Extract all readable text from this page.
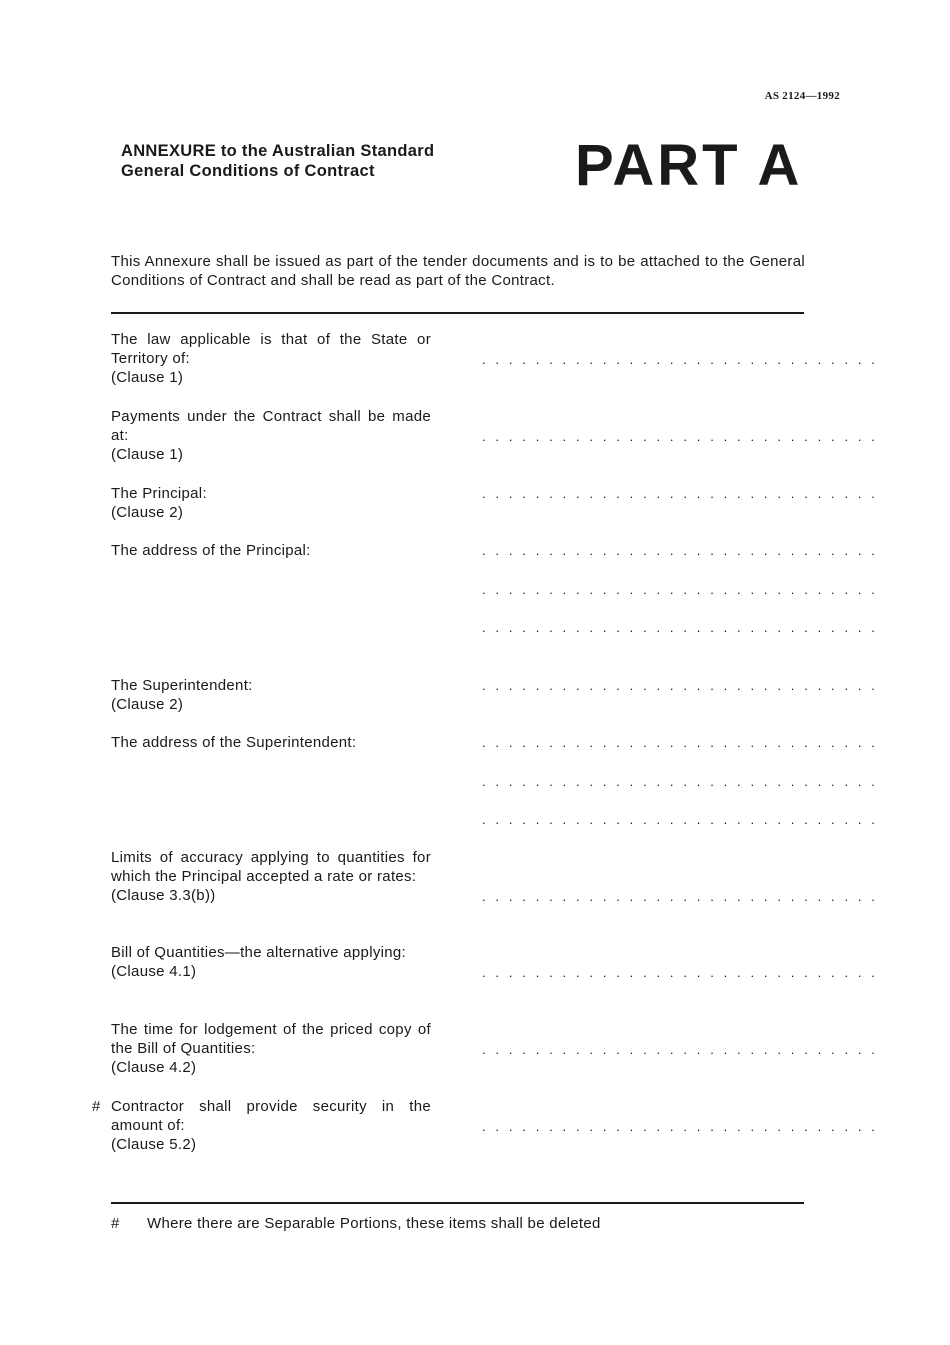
AS 2124—1992
ANNEXURE to the Australian Standard
General Conditions of Contract	PART A
This Annexure shall be issued as part of the tender documents and is to be attached to the General Conditions of Contract and shall be read as part of the Contract.
The law applicable is that of the State or Territory of:
(Clause 1)
. . . . . . . . . . . . . . . . . . . . . . . . . . . . . .
Payments under the Contract shall be made at:
(Clause 1)
. . . . . . . . . . . . . . . . . . . . . . . . . . . . . .
The Principal:
(Clause 2)
. . . . . . . . . . . . . . . . . . . . . . . . . . . . . .
The address of the Principal:	. . . . . . . . . . . . . . . . . . . . . . . . . . . . . .
. . . . . . . . . . . . . . . . . . . . . . . . . . . . . .
. . . . . . . . . . . . . . . . . . . . . . . . . . . . . .
The Superintendent:
(Clause 2)
. . . . . . . . . . . . . . . . . . . . . . . . . . . . . .
The address of the Superintendent:	. . . . . . . . . . . . . . . . . . . . . . . . . . . . . .
. . . . . . . . . . . . . . . . . . . . . . . . . . . . . .
. . . . . . . . . . . . . . . . . . . . . . . . . . . . . .
Limits of accuracy applying to quantities for which the Principal accepted a rate or rates:
(Clause 3.3(b))	. . . . . . . . . . . . . . . . . . . . . . . . . . . . . .
Bill of Quantities—the alternative applying:
(Clause 4.1)	. . . . . . . . . . . . . . . . . . . . . . . . . . . . . .
The time for lodgement of the priced copy of the Bill of Quantities:
(Clause 4.2)
. . . . . . . . . . . . . . . . . . . . . . . . . . . . . .
# Contractor shall provide security in the amount of:
(Clause 5.2)
. . . . . . . . . . . . . . . . . . . . . . . . . . . . . .
# Where there are Separable Portions, these items shall be deleted
